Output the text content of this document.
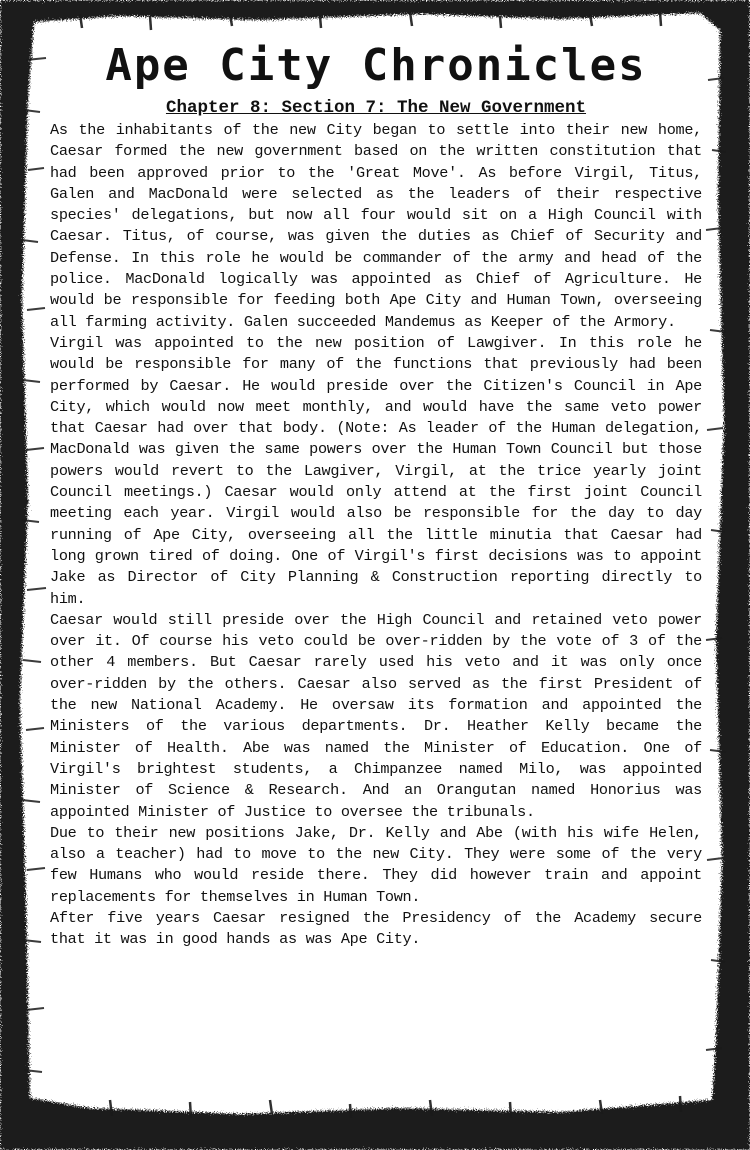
Ape City Chronicles
Chapter 8: Section 7: The New Government

As the inhabitants of the new City began to settle into their new home, Caesar formed the new government based on the written constitution that had been approved prior to the 'Great Move'. As before Virgil, Titus, Galen and MacDonald were selected as the leaders of their respective species' delegations, but now all four would sit on a High Council with Caesar. Titus, of course, was given the duties as Chief of Security and Defense. In this role he would be commander of the army and head of the police. MacDonald logically was appointed as Chief of Agriculture. He would be responsible for feeding both Ape City and Human Town, overseeing all farming activity. Galen succeeded Mandemus as Keeper of the Armory.

Virgil was appointed to the new position of Lawgiver. In this role he would be responsible for many of the functions that previously had been performed by Caesar. He would preside over the Citizen's Council in Ape City, which would now meet monthly, and would have the same veto power that Caesar had over that body. (Note: As leader of the Human delegation, MacDonald was given the same powers over the Human Town Council but those powers would revert to the Lawgiver, Virgil, at the trice yearly joint Council meetings.) Caesar would only attend at the first joint Council meeting each year. Virgil would also be responsible for the day to day running of Ape City, overseeing all the little minutia that Caesar had long grown tired of doing. One of Virgil's first decisions was to appoint Jake as Director of City Planning & Construction reporting directly to him.

Caesar would still preside over the High Council and retained veto power over it. Of course his veto could be over-ridden by the vote of 3 of the other 4 members. But Caesar rarely used his veto and it was only once over-ridden by the others. Caesar also served as the first President of the new National Academy. He oversaw its formation and appointed the Ministers of the various departments. Dr. Heather Kelly became the Minister of Health. Abe was named the Minister of Education. One of Virgil's brightest students, a Chimpanzee named Milo, was appointed Minister of Science & Research. And an Orangutan named Honorius was appointed Minister of Justice to oversee the tribunals.

Due to their new positions Jake, Dr. Kelly and Abe (with his wife Helen, also a teacher) had to move to the new City. They were some of the very few Humans who would reside there. They did however train and appoint replacements for themselves in Human Town.

After five years Caesar resigned the Presidency of the Academy secure that it was in good hands as was Ape City.
